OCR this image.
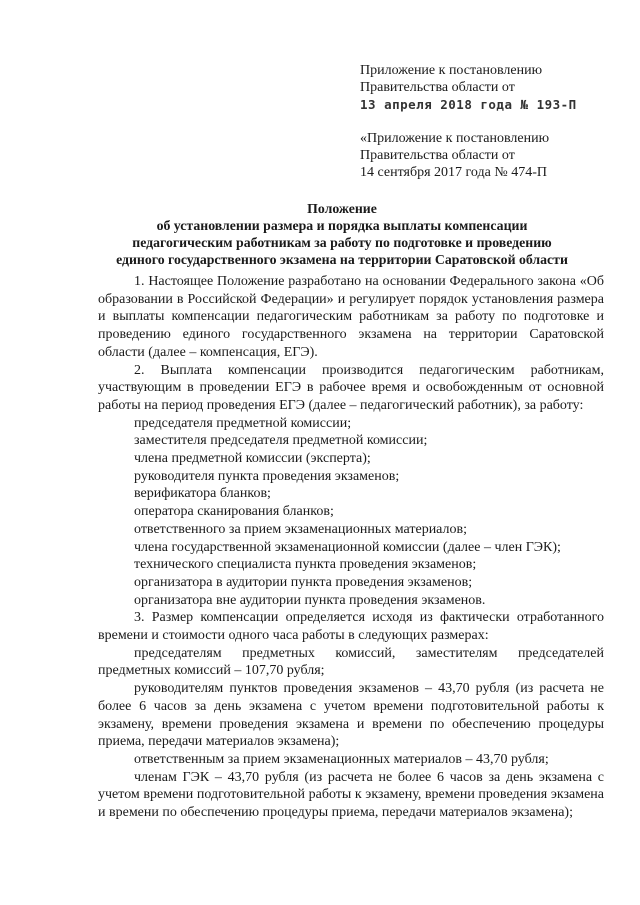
Приложение к постановлению
Правительства области от
13 апреля 2018 года № 193-П
«Приложение к постановлению
Правительства области от
14 сентября 2017 года № 474-П
Положение
об установлении размера и порядка выплаты компенсации
педагогическим работникам за работу по подготовке и проведению
единого государственного экзамена на территории Саратовской области

1. Настоящее Положение разработано на основании Федерального закона «Об образовании в Российской Федерации» и регулирует порядок установления размера и выплаты компенсации педагогическим работникам за работу по подготовке и проведению единого государственного экзамена на территории Саратовской области (далее – компенсация, ЕГЭ).

2. Выплата компенсации производится педагогическим работникам, участвующим в проведении ЕГЭ в рабочее время и освобожденным от основной работы на период проведения ЕГЭ (далее – педагогический работник), за работу:

председателя предметной комиссии;

заместителя председателя предметной комиссии;

члена предметной комиссии (эксперта);

руководителя пункта проведения экзаменов;

верификатора бланков;

оператора сканирования бланков;

ответственного за прием экзаменационных материалов;

члена государственной экзаменационной комиссии (далее – член ГЭК);

технического специалиста пункта проведения экзаменов;

организатора в аудитории пункта проведения экзаменов;

организатора вне аудитории пункта проведения экзаменов.

3. Размер компенсации определяется исходя из фактически отработанного времени и стоимости одного часа работы в следующих размерах:

председателям предметных комиссий, заместителям председателей предметных комиссий – 107,70 рубля;

руководителям пунктов проведения экзаменов – 43,70 рубля (из расчета не более 6 часов за день экзамена с учетом времени подготовительной работы к экзамену, времени проведения экзамена и времени по обеспечению процедуры приема, передачи материалов экзамена);

ответственным за прием экзаменационных материалов – 43,70 рубля;

членам ГЭК – 43,70 рубля (из расчета не более 6 часов за день экзамена с учетом времени подготовительной работы к экзамену, времени проведения экзамена и времени по обеспечению процедуры приема, передачи материалов экзамена);
